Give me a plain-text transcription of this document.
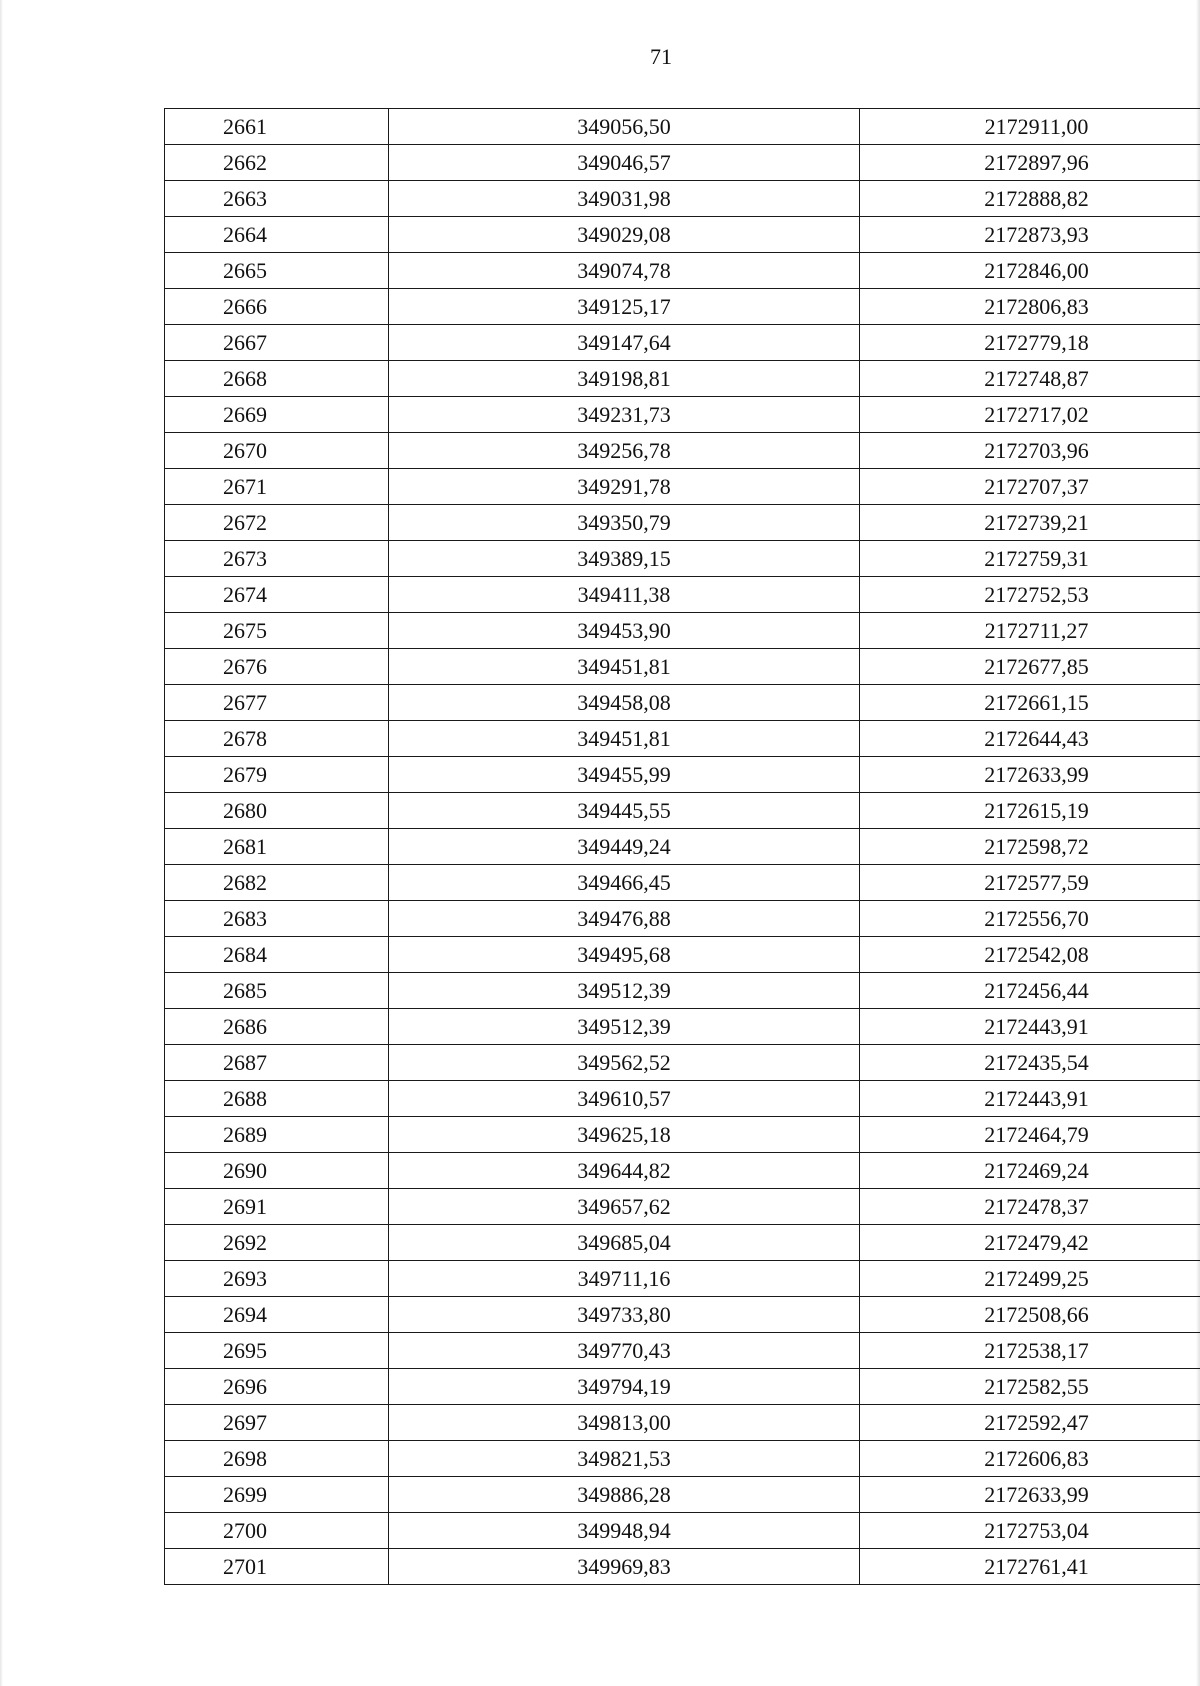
71
2661	349056,50	2172911,00
2662	349046,57	2172897,96
2663	349031,98	2172888,82
2664	349029,08	2172873,93
2665	349074,78	2172846,00
2666	349125,17	2172806,83
2667	349147,64	2172779,18
2668	349198,81	2172748,87
2669	349231,73	2172717,02
2670	349256,78	2172703,96
2671	349291,78	2172707,37
2672	349350,79	2172739,21
2673	349389,15	2172759,31
2674	349411,38	2172752,53
2675	349453,90	2172711,27
2676	349451,81	2172677,85
2677	349458,08	2172661,15
2678	349451,81	2172644,43
2679	349455,99	2172633,99
2680	349445,55	2172615,19
2681	349449,24	2172598,72
2682	349466,45	2172577,59
2683	349476,88	2172556,70
2684	349495,68	2172542,08
2685	349512,39	2172456,44
2686	349512,39	2172443,91
2687	349562,52	2172435,54
2688	349610,57	2172443,91
2689	349625,18	2172464,79
2690	349644,82	2172469,24
2691	349657,62	2172478,37
2692	349685,04	2172479,42
2693	349711,16	2172499,25
2694	349733,80	2172508,66
2695	349770,43	2172538,17
2696	349794,19	2172582,55
2697	349813,00	2172592,47
2698	349821,53	2172606,83
2699	349886,28	2172633,99
2700	349948,94	2172753,04
2701	349969,83	2172761,41
